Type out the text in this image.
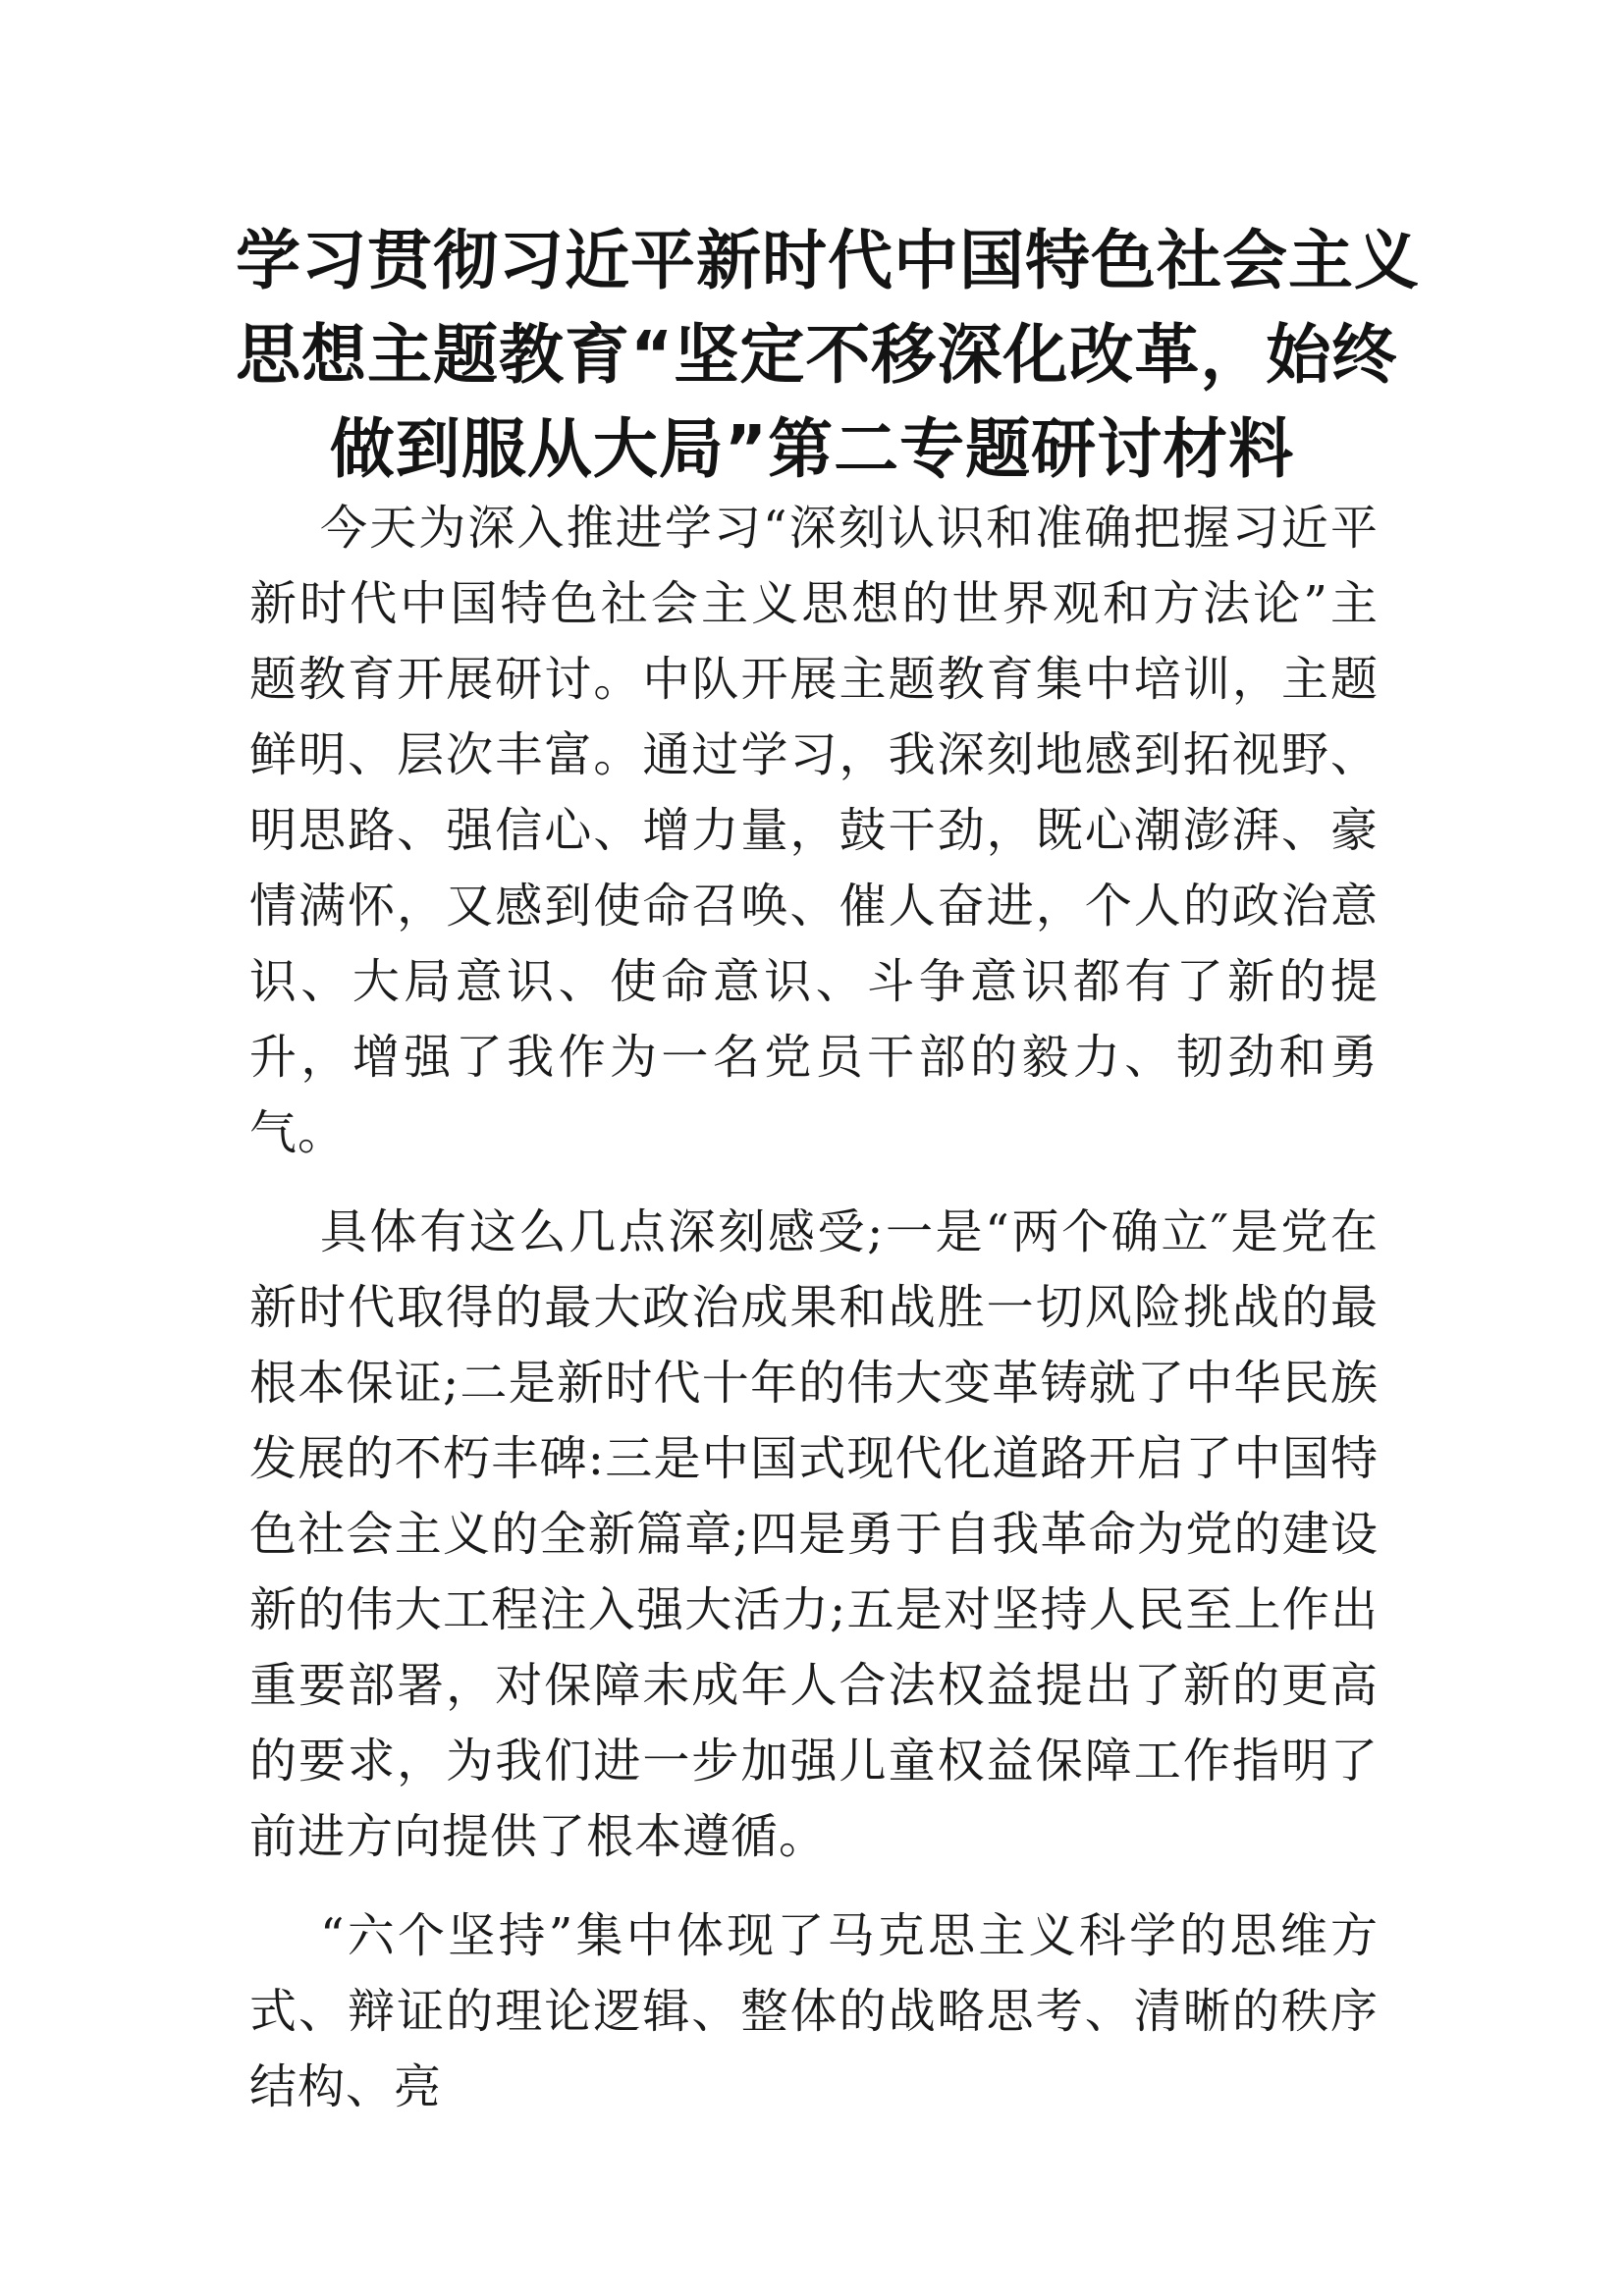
学习贯彻习近平新时代中国特色社会主义
思想主题教育“坚定不移深化改革，始终
做到服从大局”第二专题研讨材料

今天为深入推进学习“深刻认识和准确把握习近平新时代中国特色社会主义思想的世界观和方法论”主题教育开展研讨。中队开展主题教育集中培训，主题鲜明、层次丰富。通过学习，我深刻地感到拓视野、明思路、强信心、增力量，鼓干劲，既心潮澎湃、豪情满怀，又感到使命召唤、催人奋进，个人的政治意识、大局意识、使命意识、斗争意识都有了新的提升，增强了我作为一名党员干部的毅力、韧劲和勇气。

具体有这么几点深刻感受;一是“两个确立″是党在新时代取得的最大政治成果和战胜一切风险挑战的最根本保证;二是新时代十年的伟大变革铸就了中华民族发展的不朽丰碑:三是中国式现代化道路开启了中国特色社会主义的全新篇章;四是勇于自我革命为党的建设新的伟大工程注入强大活力;五是对坚持人民至上作出重要部署，对保障未成年人合法权益提出了新的更高的要求，为我们进一步加强儿童权益保障工作指明了前进方向提供了根本遵循。

“六个坚持”集中体现了马克思主义科学的思维方式、辩证的理论逻辑、整体的战略思考、清晰的秩序结构、亮
